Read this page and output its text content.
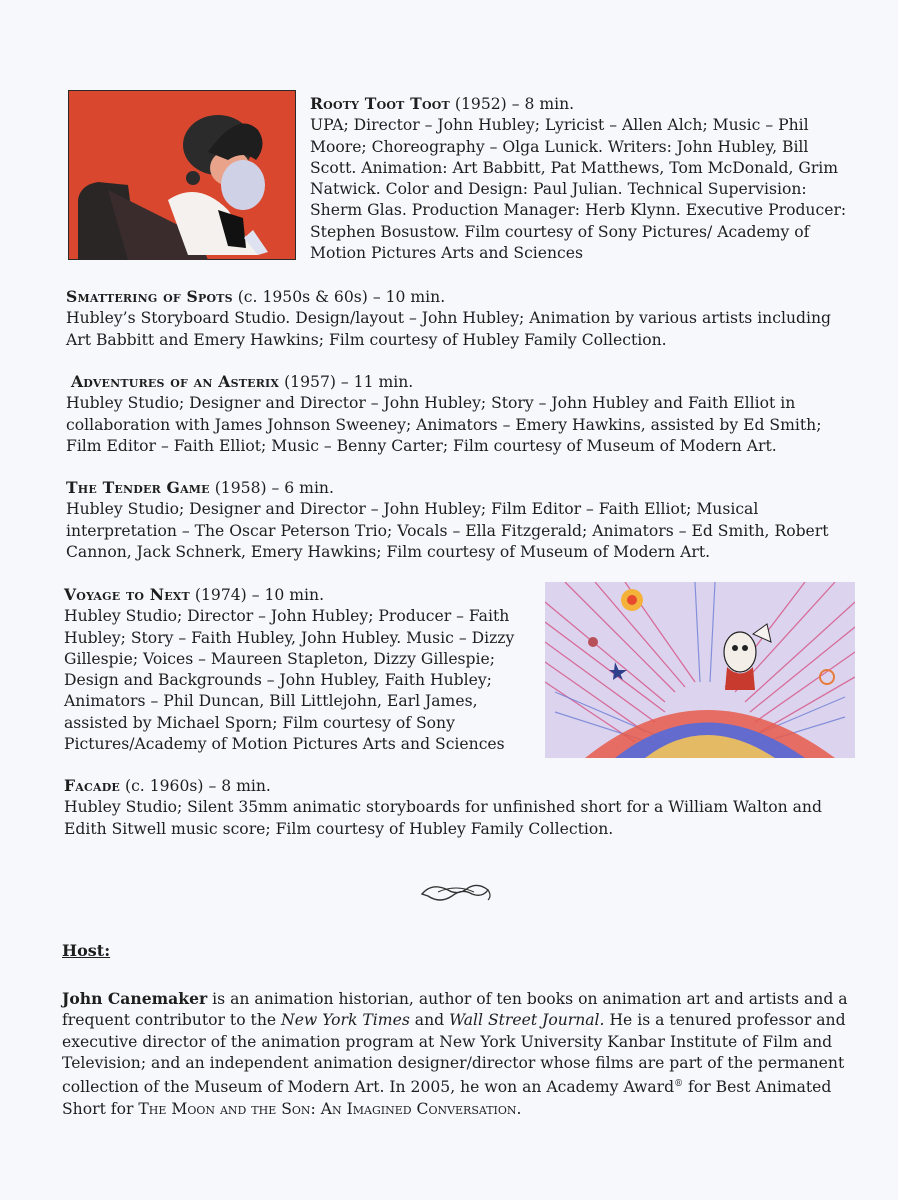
Rooty Toot Toot (1952) – 8 min.
UPA; Director – John Hubley; Lyricist – Allen Alch; Music – Phil Moore; Choreography – Olga Lunick. Writers: John Hubley, Bill Scott. Animation: Art Babbitt, Pat Matthews, Tom McDonald, Grim Natwick. Color and Design: Paul Julian. Technical Supervision: Sherm Glas. Production Manager: Herb Klynn. Executive Producer: Stephen Bosustow. Film courtesy of Sony Pictures/ Academy of Motion Pictures Arts and Sciences
Smattering of Spots (c. 1950s & 60s) – 10 min.
Hubley’s Storyboard Studio. Design/layout – John Hubley; Animation by various artists including Art Babbitt and Emery Hawkins; Film courtesy of Hubley Family Collection.
Adventures of an Asterix (1957) – 11 min.
Hubley Studio; Designer and Director – John Hubley; Story – John Hubley and Faith Elliot in collaboration with James Johnson Sweeney; Animators – Emery Hawkins, assisted by Ed Smith; Film Editor – Faith Elliot; Music – Benny Carter; Film courtesy of Museum of Modern Art.
The Tender Game (1958) – 6 min.
Hubley Studio; Designer and Director – John Hubley; Film Editor – Faith Elliot; Musical interpretation – The Oscar Peterson Trio; Vocals – Ella Fitzgerald; Animators – Ed Smith, Robert Cannon, Jack Schnerk, Emery Hawkins; Film courtesy of Museum of Modern Art.
Voyage to Next (1974) – 10 min.
Hubley Studio; Director – John Hubley; Producer – Faith Hubley; Story – Faith Hubley, John Hubley. Music – Dizzy Gillespie; Voices – Maureen Stapleton, Dizzy Gillespie; Design and Backgrounds – John Hubley, Faith Hubley; Animators – Phil Duncan, Bill Littlejohn, Earl James, assisted by Michael Sporn; Film courtesy of Sony Pictures/Academy of Motion Pictures Arts and Sciences
Facade (c. 1960s) – 8 min.
Hubley Studio; Silent 35mm animatic storyboards for unfinished short for a William Walton and Edith Sitwell music score; Film courtesy of Hubley Family Collection.
Host:
John Canemaker is an animation historian, author of ten books on animation art and artists and a frequent contributor to the New York Times and Wall Street Journal. He is a tenured professor and executive director of the animation program at New York University Kanbar Institute of Film and Television; and an independent animation designer/director whose films are part of the permanent collection of the Museum of Modern Art. In 2005, he won an Academy Award® for Best Animated Short for The Moon and the Son: An Imagined Conversation.
